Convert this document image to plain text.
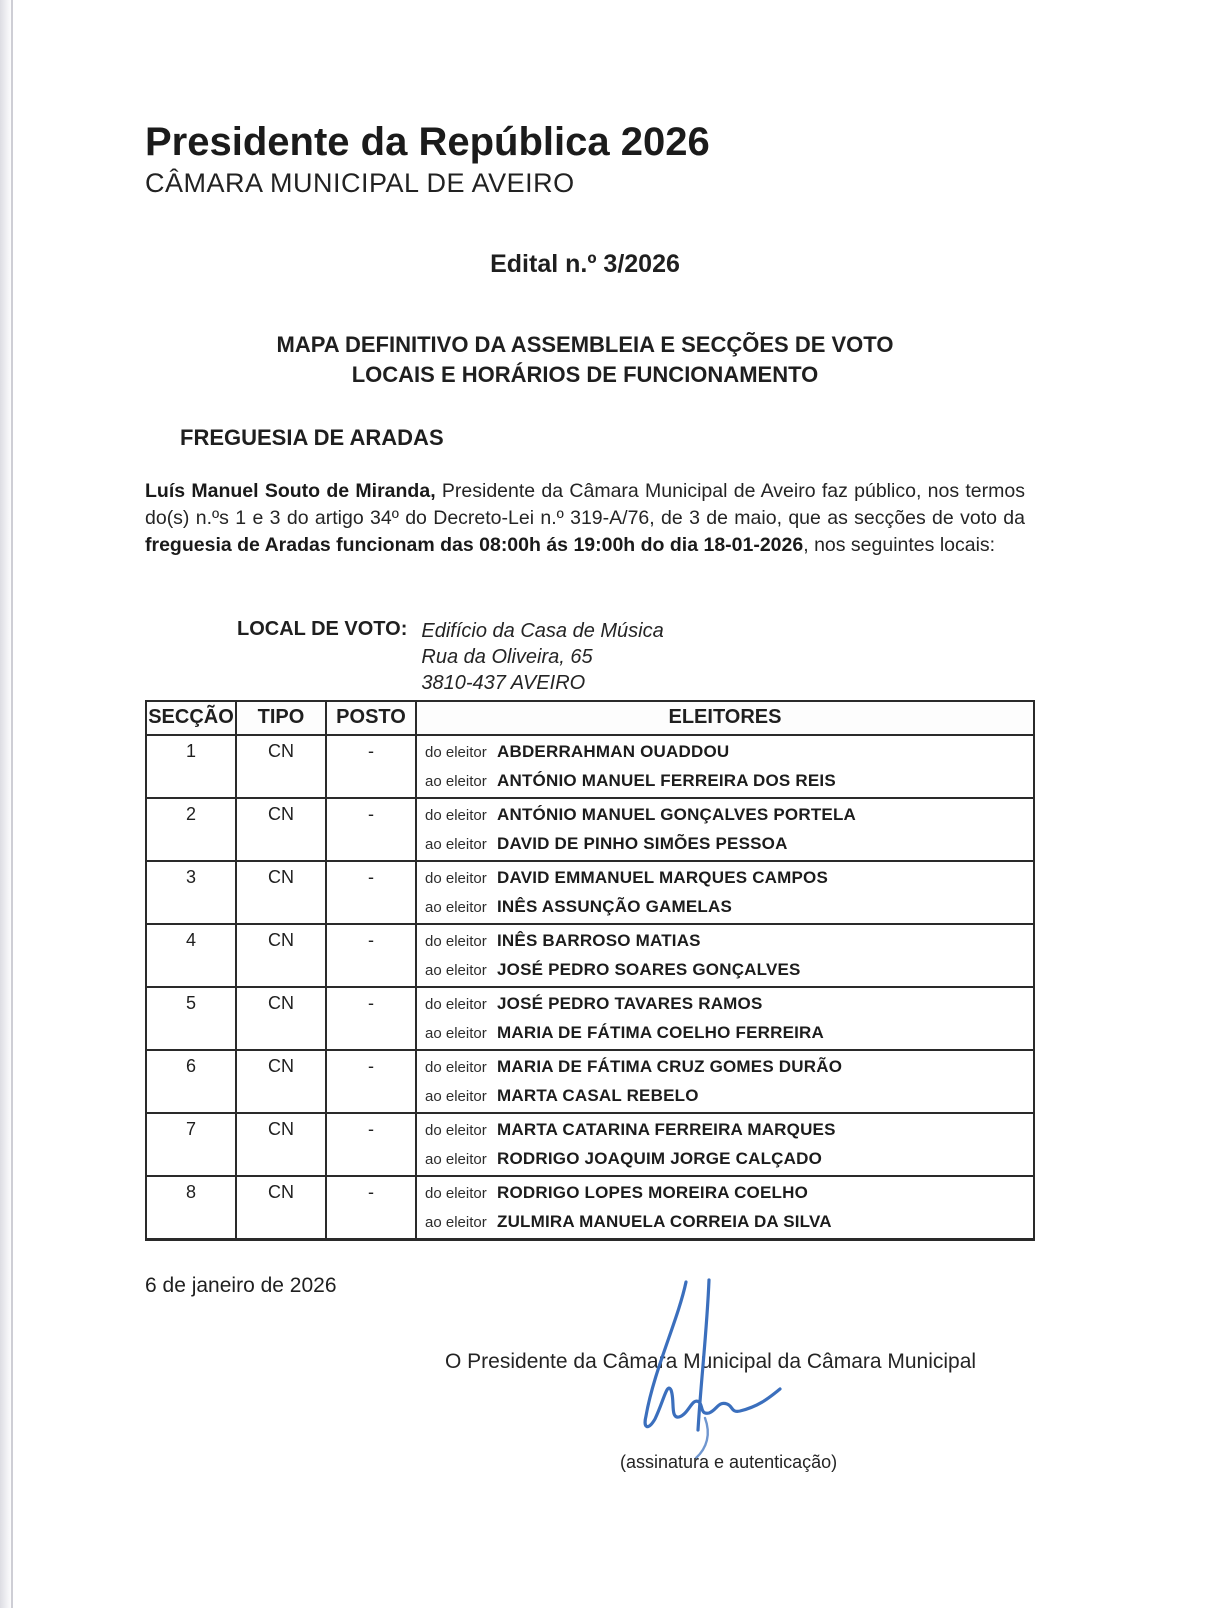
Presidente da República 2026
CÂMARA MUNICIPAL DE AVEIRO
Edital n.º 3/2026
MAPA DEFINITIVO DA ASSEMBLEIA E SECÇÕES DE VOTO
LOCAIS E HORÁRIOS DE FUNCIONAMENTO
FREGUESIA DE ARADAS
Luís Manuel Souto de Miranda, Presidente da Câmara Municipal de Aveiro faz público, nos termos do(s) n.ºs 1 e 3 do artigo 34º do Decreto-Lei n.º 319-A/76, de 3 de maio, que as secções de voto da freguesia de Aradas funcionam das 08:00h ás 19:00h do dia 18-01-2026, nos seguintes locais:
LOCAL DE VOTO: Edifício da Casa de Música
Rua da Oliveira, 65
3810-437 AVEIRO
SECÇÃO	TIPO	POSTO	ELEITORES
1	CN	-	do eleitor ABDERRAHMAN OUADDOU
ao eleitor ANTÓNIO MANUEL FERREIRA DOS REIS
2	CN	-	do eleitor ANTÓNIO MANUEL GONÇALVES PORTELA
ao eleitor DAVID DE PINHO SIMÕES PESSOA
3	CN	-	do eleitor DAVID EMMANUEL MARQUES CAMPOS
ao eleitor INÊS ASSUNÇÃO GAMELAS
4	CN	-	do eleitor INÊS BARROSO MATIAS
ao eleitor JOSÉ PEDRO SOARES GONÇALVES
5	CN	-	do eleitor JOSÉ PEDRO TAVARES RAMOS
ao eleitor MARIA DE FÁTIMA COELHO FERREIRA
6	CN	-	do eleitor MARIA DE FÁTIMA CRUZ GOMES DURÃO
ao eleitor MARTA CASAL REBELO
7	CN	-	do eleitor MARTA CATARINA FERREIRA MARQUES
ao eleitor RODRIGO JOAQUIM JORGE CALÇADO
8	CN	-	do eleitor RODRIGO LOPES MOREIRA COELHO
ao eleitor ZULMIRA MANUELA CORREIA DA SILVA
6 de janeiro de 2026
O Presidente da Câmara Municipal da Câmara Municipal
(assinatura e autenticação)
